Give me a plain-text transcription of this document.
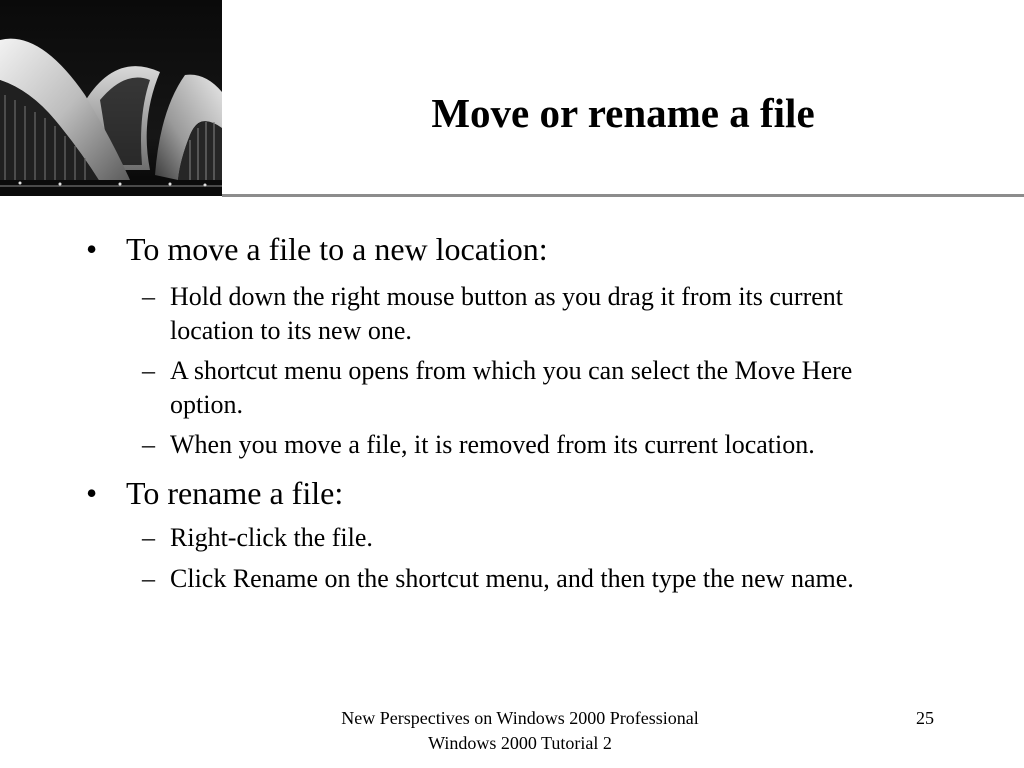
Move or rename a file
• To move a file to a new location:
– Hold down the right mouse button as you drag it from its current location to its new one.
– A shortcut menu opens from which you can select the Move Here option.
– When you move a file, it is removed from its current location.
• To rename a file:
– Right-click the file.
– Click Rename on the shortcut menu, and then type the new name.
New Perspectives on Windows 2000 Professional
Windows 2000 Tutorial 2
25
